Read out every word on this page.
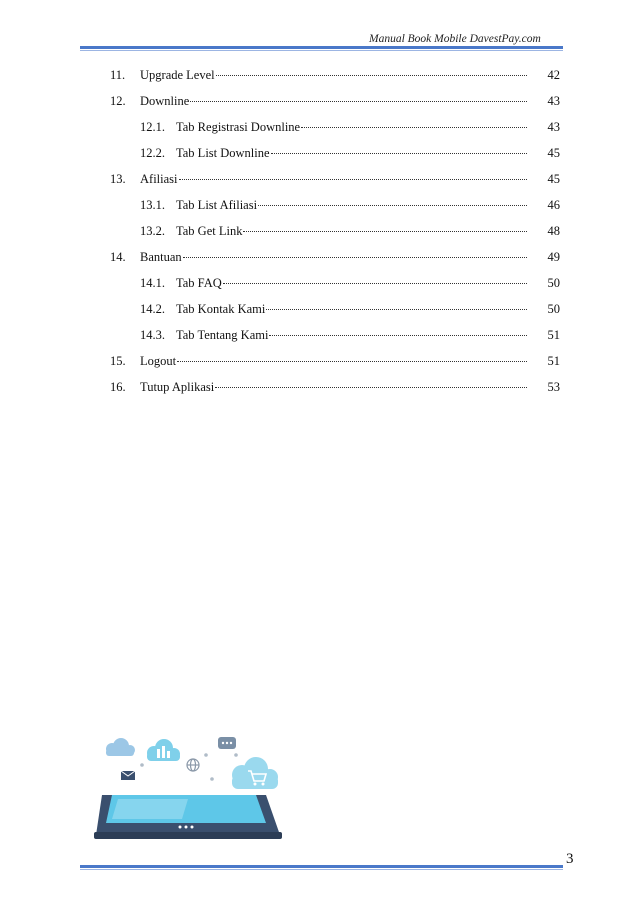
Manual Book Mobile DavestPay.com
11.	Upgrade Level	42
12.	Downline	43
12.1. Tab Registrasi Downline	43
12.2. Tab List Downline	45
13.	Afiliasi	45
13.1. Tab List Afiliasi	46
13.2. Tab Get Link	48
14.	Bantuan	49
14.1. Tab FAQ	50
14.2. Tab Kontak Kami	50
14.3. Tab Tentang Kami	51
15.	Logout	51
16.	Tutup Aplikasi	53
3
